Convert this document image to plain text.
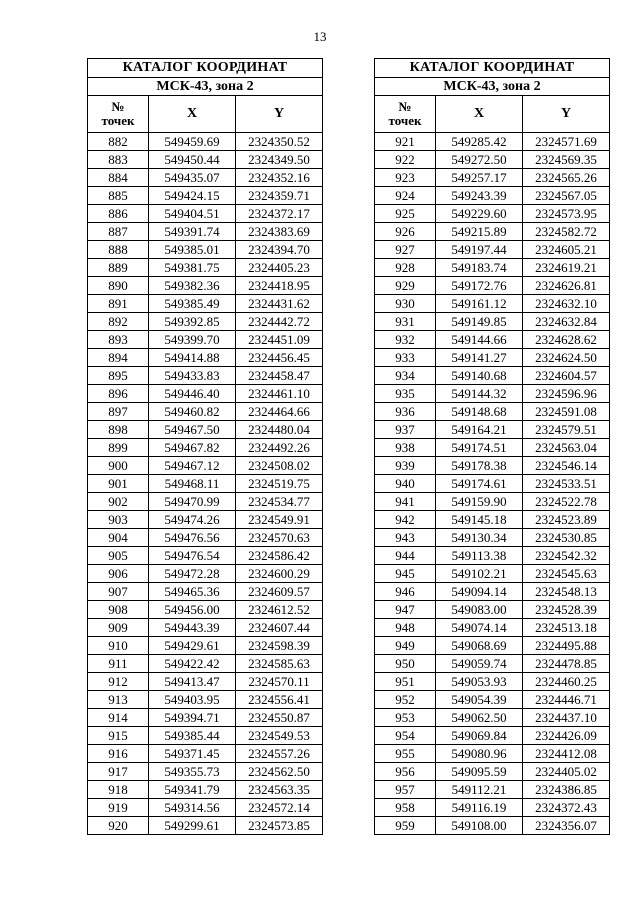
13
КАТАЛОГ КООРДИНАТ		
МСК-43, зона 2		
№
точек	X	Y
882	549459.69	2324350.52
883	549450.44	2324349.50
884	549435.07	2324352.16
885	549424.15	2324359.71
886	549404.51	2324372.17
887	549391.74	2324383.69
888	549385.01	2324394.70
889	549381.75	2324405.23
890	549382.36	2324418.95
891	549385.49	2324431.62
892	549392.85	2324442.72
893	549399.70	2324451.09
894	549414.88	2324456.45
895	549433.83	2324458.47
896	549446.40	2324461.10
897	549460.82	2324464.66
898	549467.50	2324480.04
899	549467.82	2324492.26
900	549467.12	2324508.02
901	549468.11	2324519.75
902	549470.99	2324534.77
903	549474.26	2324549.91
904	549476.56	2324570.63
905	549476.54	2324586.42
906	549472.28	2324600.29
907	549465.36	2324609.57
908	549456.00	2324612.52
909	549443.39	2324607.44
910	549429.61	2324598.39
911	549422.42	2324585.63
912	549413.47	2324570.11
913	549403.95	2324556.41
914	549394.71	2324550.87
915	549385.44	2324549.53
916	549371.45	2324557.26
917	549355.73	2324562.50
918	549341.79	2324563.35
919	549314.56	2324572.14
920	549299.61	2324573.85
КАТАЛОГ КООРДИНАТ		
МСК-43, зона 2		
№
точек	X	Y
921	549285.42	2324571.69
922	549272.50	2324569.35
923	549257.17	2324565.26
924	549243.39	2324567.05
925	549229.60	2324573.95
926	549215.89	2324582.72
927	549197.44	2324605.21
928	549183.74	2324619.21
929	549172.76	2324626.81
930	549161.12	2324632.10
931	549149.85	2324632.84
932	549144.66	2324628.62
933	549141.27	2324624.50
934	549140.68	2324604.57
935	549144.32	2324596.96
936	549148.68	2324591.08
937	549164.21	2324579.51
938	549174.51	2324563.04
939	549178.38	2324546.14
940	549174.61	2324533.51
941	549159.90	2324522.78
942	549145.18	2324523.89
943	549130.34	2324530.85
944	549113.38	2324542.32
945	549102.21	2324545.63
946	549094.14	2324548.13
947	549083.00	2324528.39
948	549074.14	2324513.18
949	549068.69	2324495.88
950	549059.74	2324478.85
951	549053.93	2324460.25
952	549054.39	2324446.71
953	549062.50	2324437.10
954	549069.84	2324426.09
955	549080.96	2324412.08
956	549095.59	2324405.02
957	549112.21	2324386.85
958	549116.19	2324372.43
959	549108.00	2324356.07
